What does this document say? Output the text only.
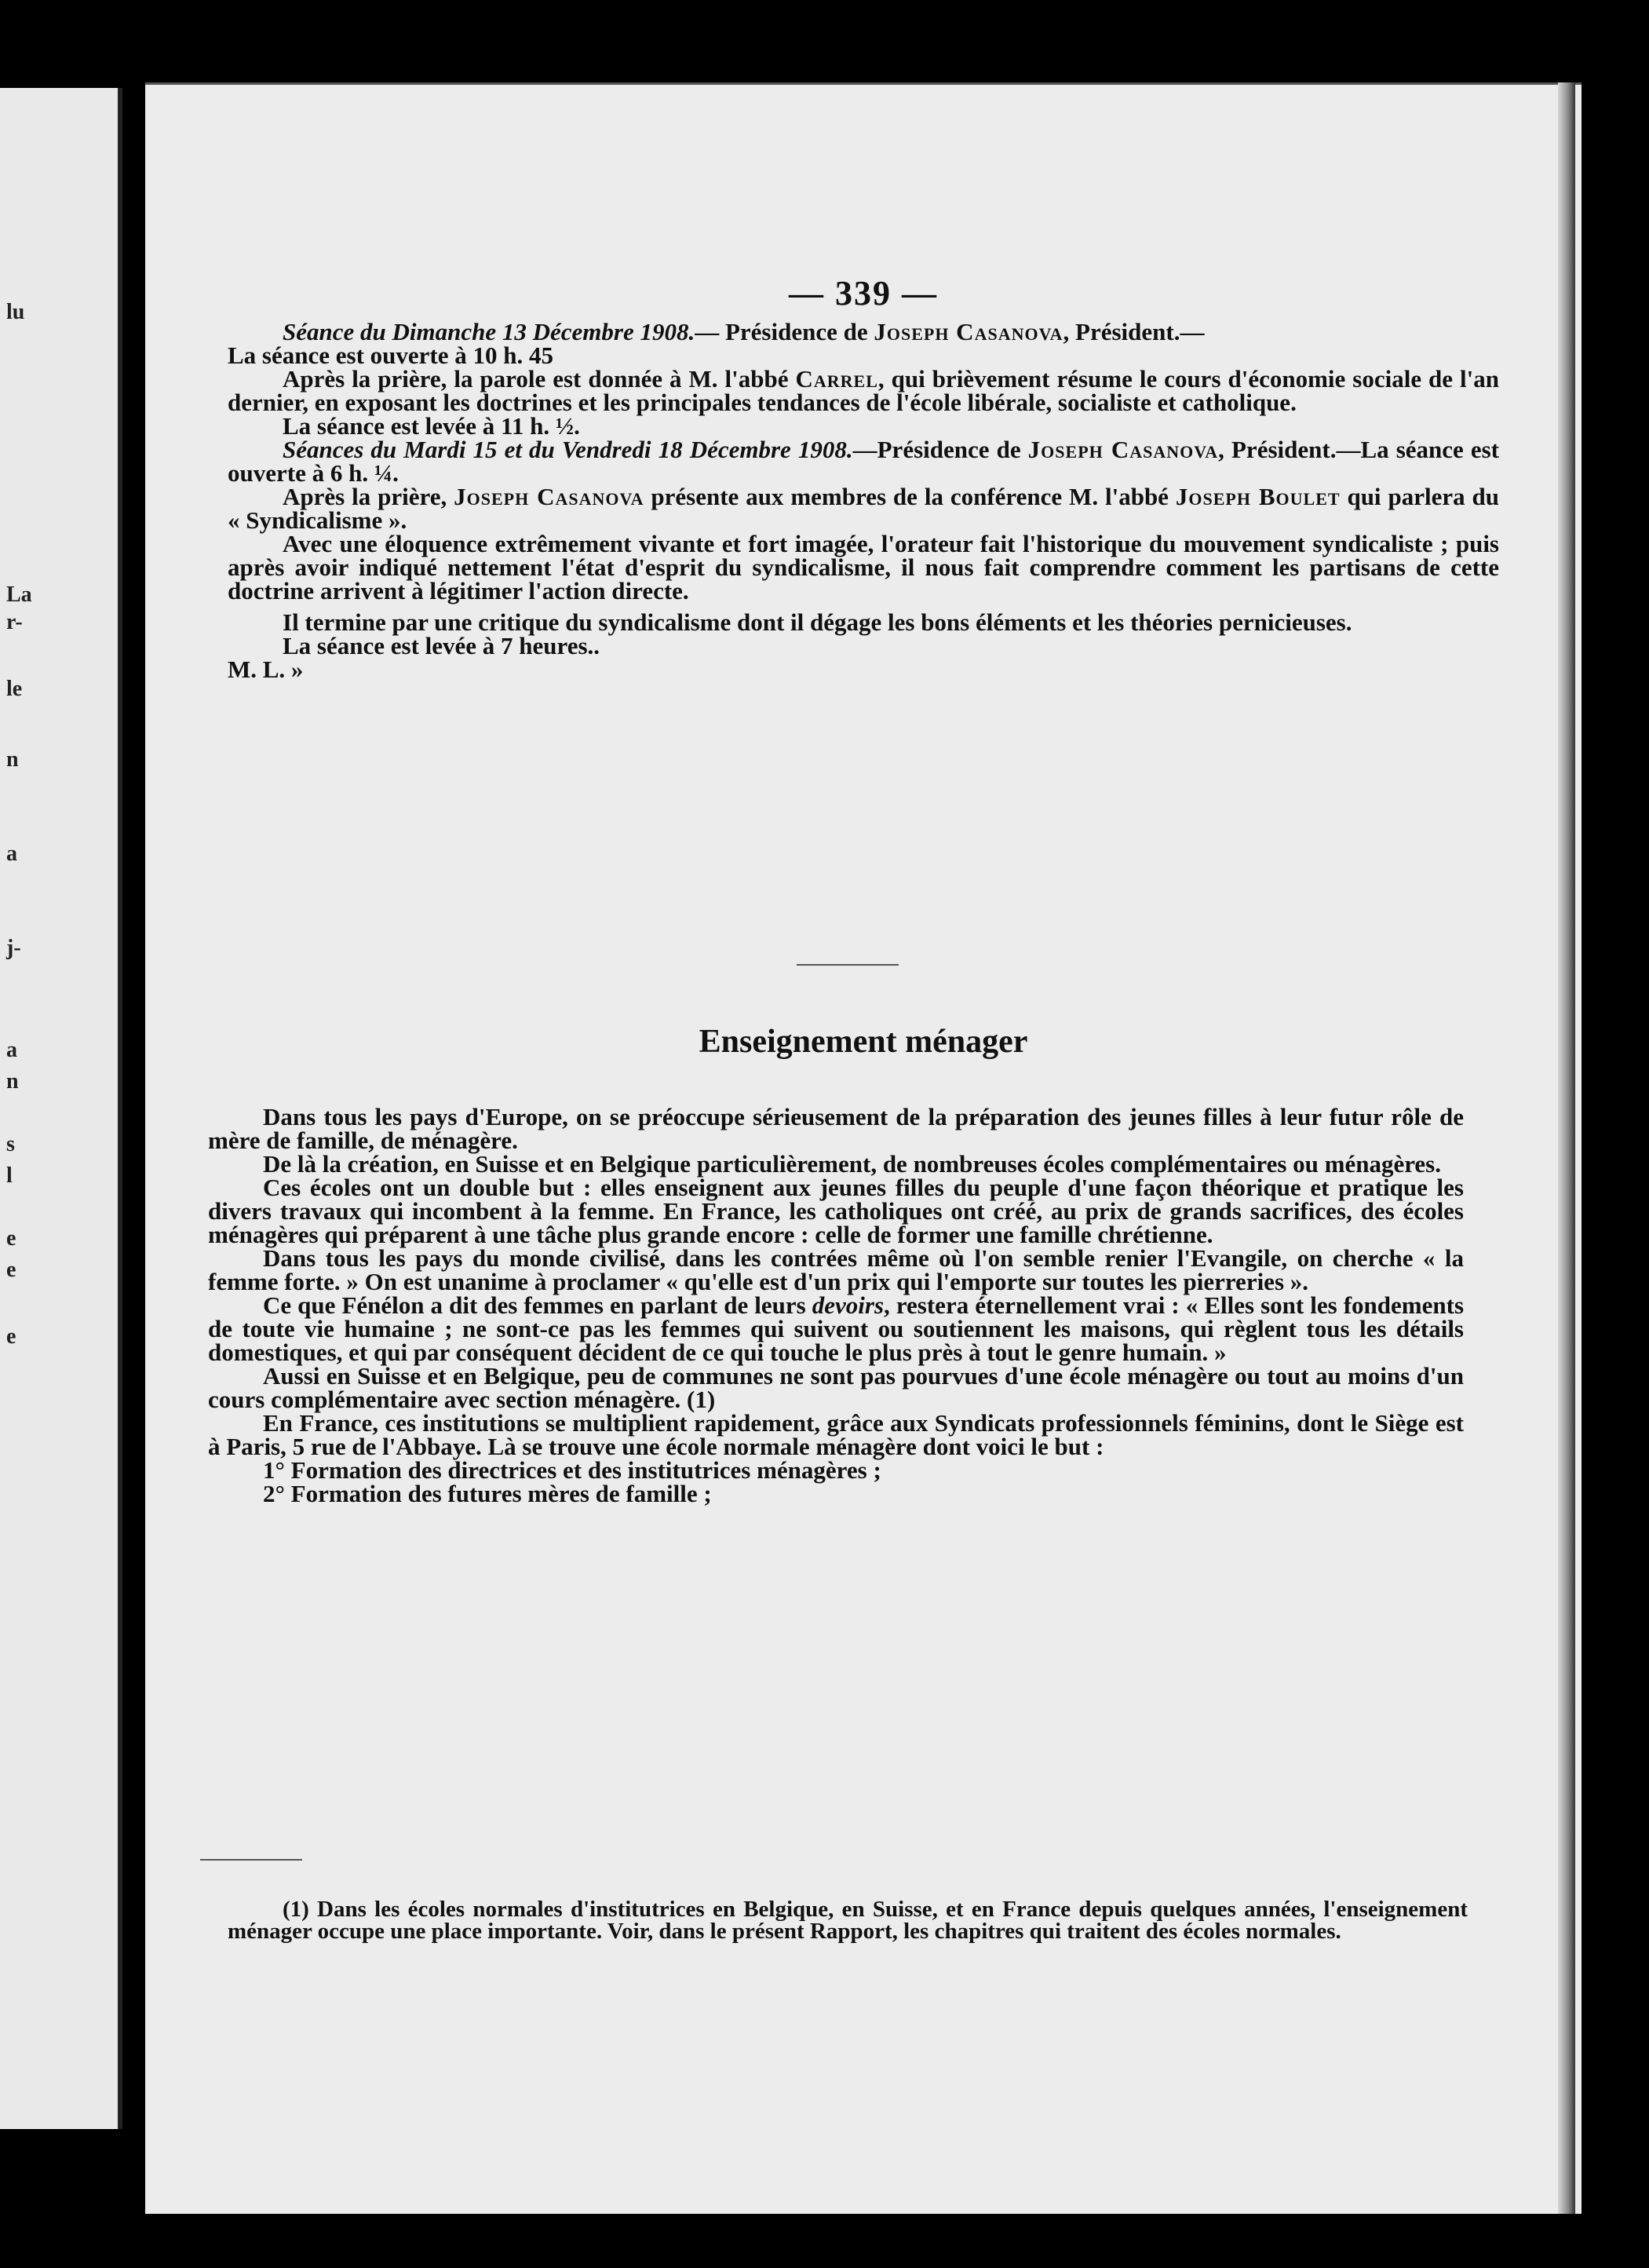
lu
La
r-
le
n
a
j-
a
n
s
l
e
e
e
— 339 —

Séance du Dimanche 13 Décembre 1908.— Présidence de Joseph Casanova, Président.—

La séance est ouverte à 10 h. 45

Après la prière, la parole est donnée à M. l'abbé Carrel, qui brièvement résume le cours d'économie sociale de l'an dernier, en exposant les doctrines et les principales tendances de l'école libérale, socialiste et catholique.

La séance est levée à 11 h. ½.

Séances du Mardi 15 et du Vendredi 18 Décembre 1908.—Présidence de Joseph Casanova, Président.—La séance est ouverte à 6 h. ¼.

Après la prière, Joseph Casanova présente aux membres de la conférence M. l'abbé Joseph Boulet qui parlera du « Syndicalisme ».

Avec une éloquence extrêmement vivante et fort imagée, l'orateur fait l'historique du mouvement syndicaliste ; puis après avoir indiqué nettement l'état d'esprit du syndicalisme, il nous fait comprendre comment les partisans de cette doctrine arrivent à légitimer l'action directe.

Il termine par une critique du syndicalisme dont il dégage les bons éléments et les théories pernicieuses.

La séance est levée à 7 heures..

M. L. »

Enseignement ménager

Dans tous les pays d'Europe, on se préoccupe sérieusement de la préparation des jeunes filles à leur futur rôle de mère de famille, de ménagère.

De là la création, en Suisse et en Belgique particulièrement, de nombreuses écoles complémentaires ou ménagères.

Ces écoles ont un double but : elles enseignent aux jeunes filles du peuple d'une façon théorique et pratique les divers travaux qui incombent à la femme. En France, les catholiques ont créé, au prix de grands sacrifices, des écoles ménagères qui préparent à une tâche plus grande encore : celle de former une famille chrétienne.

Dans tous les pays du monde civilisé, dans les contrées même où l'on semble renier l'Evangile, on cherche « la femme forte. » On est unanime à proclamer « qu'elle est d'un prix qui l'emporte sur toutes les pierreries ».

Ce que Fénélon a dit des femmes en parlant de leurs devoirs, restera éternellement vrai : « Elles sont les fondements de toute vie humaine ; ne sont-ce pas les femmes qui suivent ou soutiennent les maisons, qui règlent tous les détails domestiques, et qui par conséquent décident de ce qui touche le plus près à tout le genre humain. »

Aussi en Suisse et en Belgique, peu de communes ne sont pas pourvues d'une école ménagère ou tout au moins d'un cours complémentaire avec section ménagère. (1)

En France, ces institutions se multiplient rapidement, grâce aux Syndicats professionnels féminins, dont le Siège est à Paris, 5 rue de l'Abbaye. Là se trouve une école normale ménagère dont voici le but :

1° Formation des directrices et des institutrices ménagères ;

2° Formation des futures mères de famille ;

(1) Dans les écoles normales d'institutrices en Belgique, en Suisse, et en France depuis quelques années, l'enseignement ménager occupe une place importante. Voir, dans le présent Rapport, les chapitres qui traitent des écoles normales.
